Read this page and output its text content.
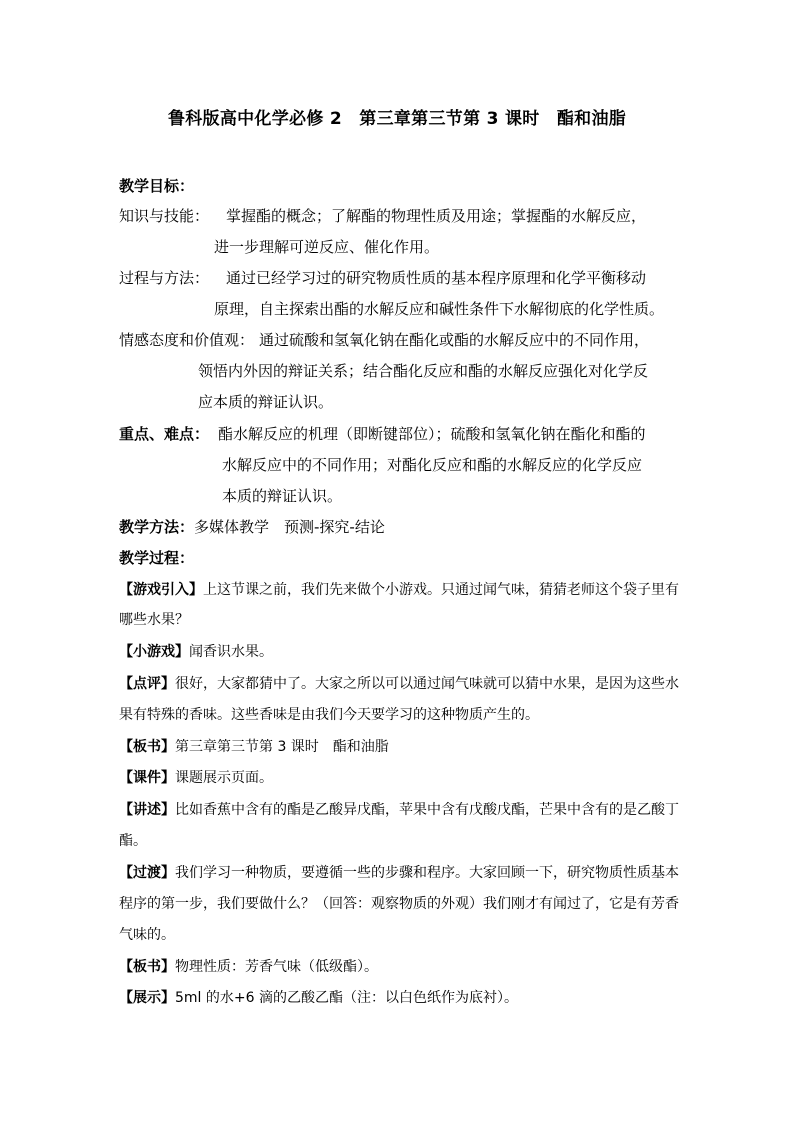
鲁科版高中化学必修 2　第三章第三节第 3 课时　酯和油脂
教学目标：
知识与技能： 掌握酯的概念；了解酯的物理性质及用途；掌握酯的水解反应，
进一步理解可逆反应、催化作用。
过程与方法： 通过已经学习过的研究物质性质的基本程序原理和化学平衡移动
原理，自主探索出酯的水解反应和碱性条件下水解彻底的化学性质。
情感态度和价值观： 通过硫酸和氢氧化钠在酯化或酯的水解反应中的不同作用，
领悟内外因的辩证关系；结合酯化反应和酯的水解反应强化对化学反
应本质的辩证认识。
重点、难点： 酯水解反应的机理（即断键部位）；硫酸和氢氧化钠在酯化和酯的
水解反应中的不同作用；对酯化反应和酯的水解反应的化学反应
本质的辩证认识。
教学方法：多媒体教学　预测-探究-结论
教学过程：
【游戏引入】上这节课之前，我们先来做个小游戏。只通过闻气味，猜猜老师这个袋子里有
哪些水果？
【小游戏】闻香识水果。
【点评】很好，大家都猜中了。大家之所以可以通过闻气味就可以猜中水果，是因为这些水
果有特殊的香味。这些香味是由我们今天要学习的这种物质产生的。
【板书】第三章第三节第 3 课时　酯和油脂
【课件】课题展示页面。
【讲述】比如香蕉中含有的酯是乙酸异戊酯，苹果中含有戊酸戊酯，芒果中含有的是乙酸丁
酯。
【过渡】我们学习一种物质，要遵循一些的步骤和程序。大家回顾一下，研究物质性质基本
程序的第一步，我们要做什么？（回答：观察物质的外观）我们刚才有闻过了，它是有芳香
气味的。
【板书】物理性质：芳香气味（低级酯）。
【展示】5ml 的水+6 滴的乙酸乙酯（注：以白色纸作为底衬）。
